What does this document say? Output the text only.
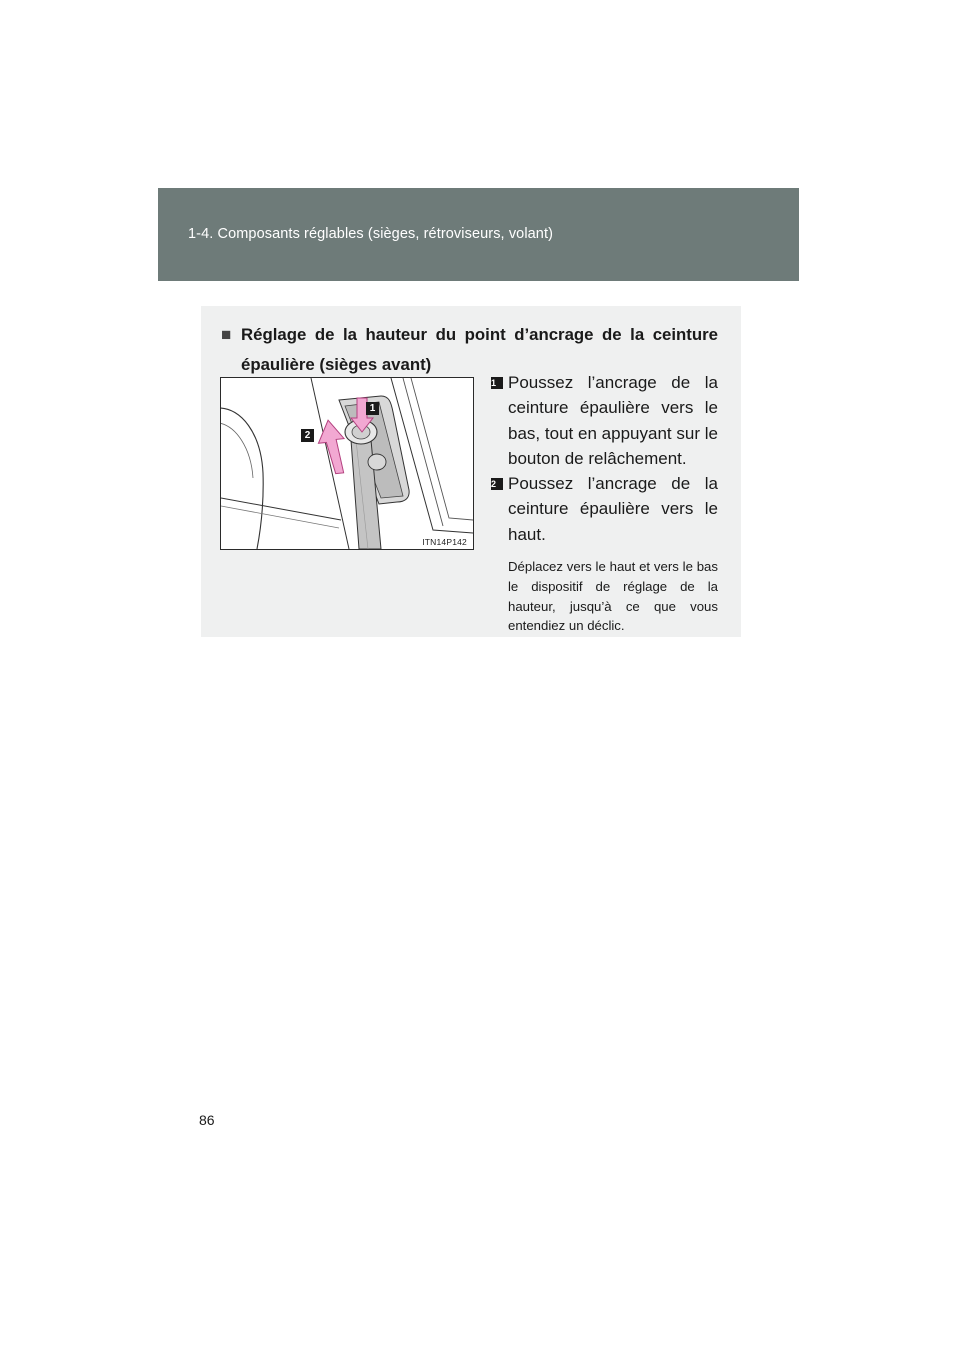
1-4. Composants réglables (sièges, rétroviseurs, volant)
■ Réglage de la hauteur du point d’ancrage de la ceinture épaulière (sièges avant)
1
2
ITN14P142
1 Poussez l’ancrage de la ceinture épaulière vers le bas, tout en appuyant sur le bouton de relâchement.
2 Poussez l’ancrage de la ceinture épaulière vers le haut.
Déplacez vers le haut et vers le bas le dispositif de réglage de la hauteur, jusqu’à ce que vous entendiez un déclic.
86
